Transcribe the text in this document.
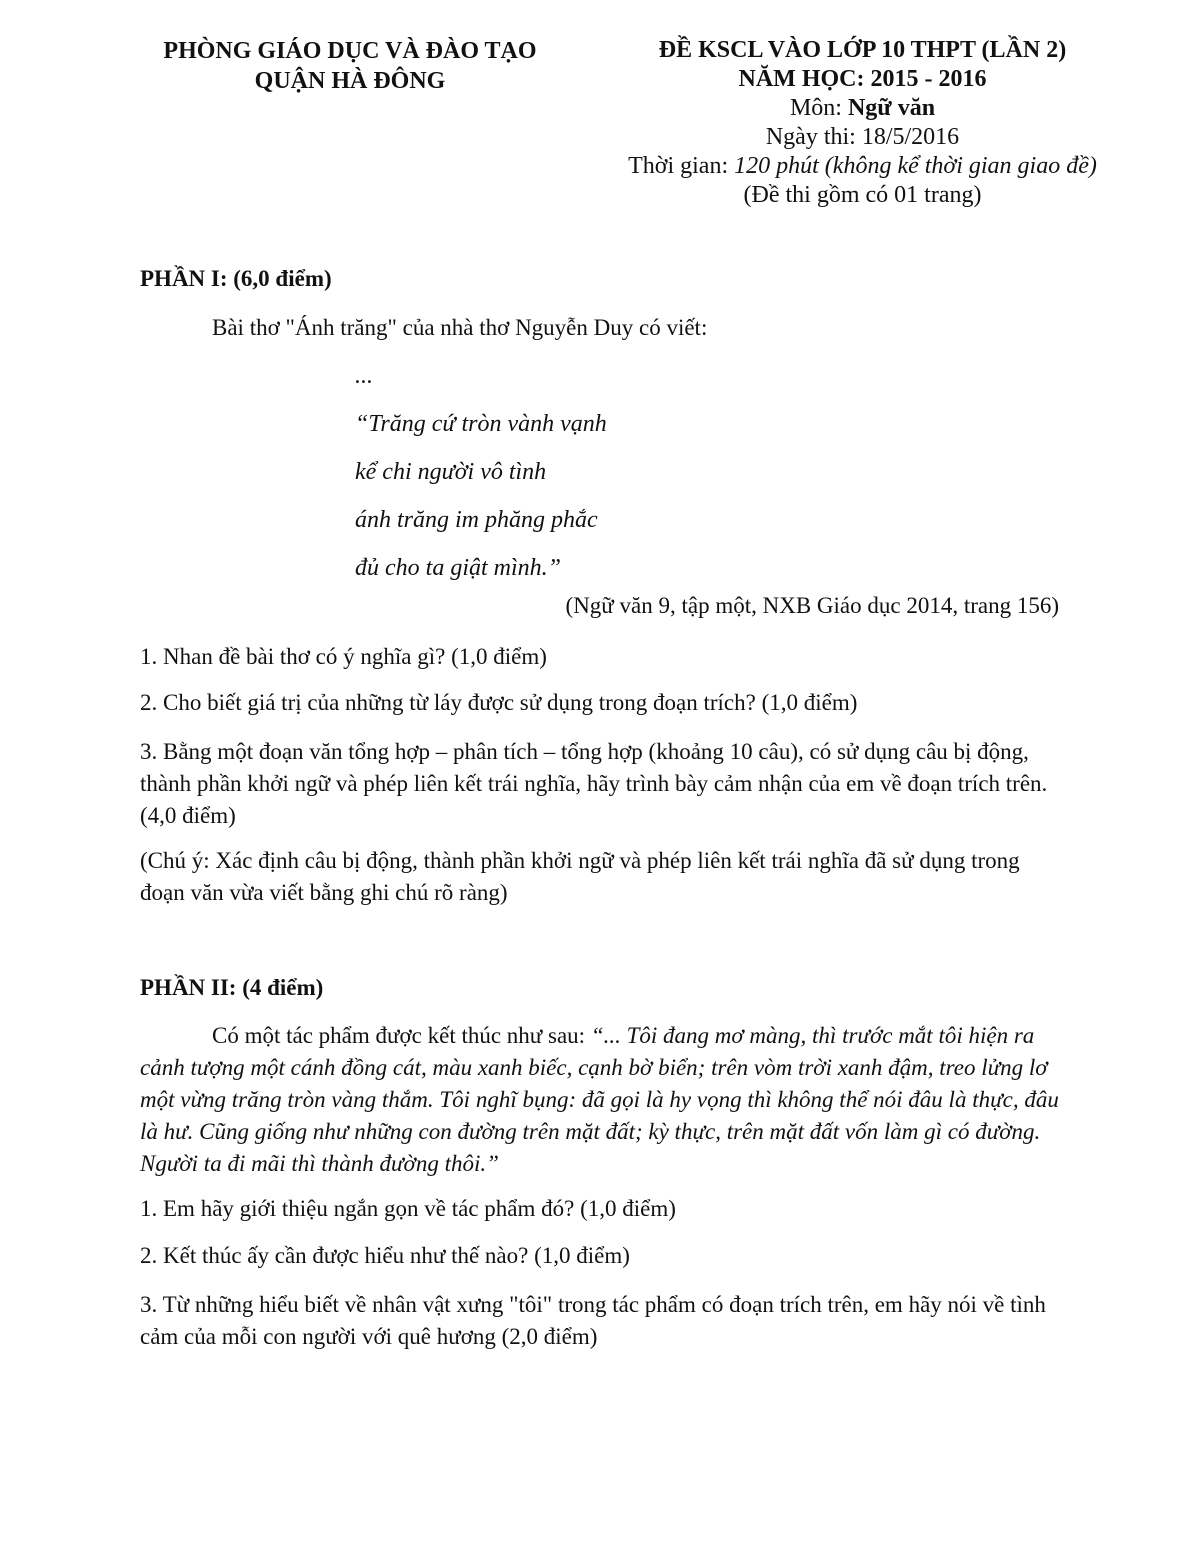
PHÒNG GIÁO DỤC VÀ ĐÀO TẠO
QUẬN HÀ ĐÔNG
ĐỀ KSCL VÀO LỚP 10 THPT (LẦN 2)
NĂM HỌC: 2015 - 2016
Môn: Ngữ văn
Ngày thi: 18/5/2016
Thời gian: 120 phút (không kể thời gian giao đề)
(Đề thi gồm có 01 trang)
PHẦN I: (6,0 điểm)
Bài thơ "Ánh trăng" của nhà thơ Nguyễn Duy có viết:
...
“Trăng cứ tròn vành vạnh
kể chi người vô tình
ánh trăng im phăng phắc
đủ cho ta giật mình.”
(Ngữ văn 9, tập một, NXB Giáo dục 2014, trang 156)
1. Nhan đề bài thơ có ý nghĩa gì? (1,0 điểm)
2. Cho biết giá trị của những từ láy được sử dụng trong đoạn trích? (1,0 điểm)
3. Bằng một đoạn văn tổng hợp – phân tích – tổng hợp (khoảng 10 câu), có sử dụng câu bị động, thành phần khởi ngữ và phép liên kết trái nghĩa, hãy trình bày cảm nhận của em về đoạn trích trên. (4,0 điểm)
(Chú ý: Xác định câu bị động, thành phần khởi ngữ và phép liên kết trái nghĩa đã sử dụng trong đoạn văn vừa viết bằng ghi chú rõ ràng)
PHẦN II: (4 điểm)
Có một tác phẩm được kết thúc như sau: “... Tôi đang mơ màng, thì trước mắt tôi hiện ra cảnh tượng một cánh đồng cát, màu xanh biếc, cạnh bờ biển; trên vòm trời xanh đậm, treo lửng lơ một vừng trăng tròn vàng thắm. Tôi nghĩ bụng: đã gọi là hy vọng thì không thể nói đâu là thực, đâu là hư. Cũng giống như những con đường trên mặt đất; kỳ thực, trên mặt đất vốn làm gì có đường. Người ta đi mãi thì thành đường thôi.”
1. Em hãy giới thiệu ngắn gọn về tác phẩm đó? (1,0 điểm)
2. Kết thúc ấy cần được hiểu như thế nào? (1,0 điểm)
3. Từ những hiểu biết về nhân vật xưng "tôi" trong tác phẩm có đoạn trích trên, em hãy nói về tình cảm của mỗi con người với quê hương (2,0 điểm)
